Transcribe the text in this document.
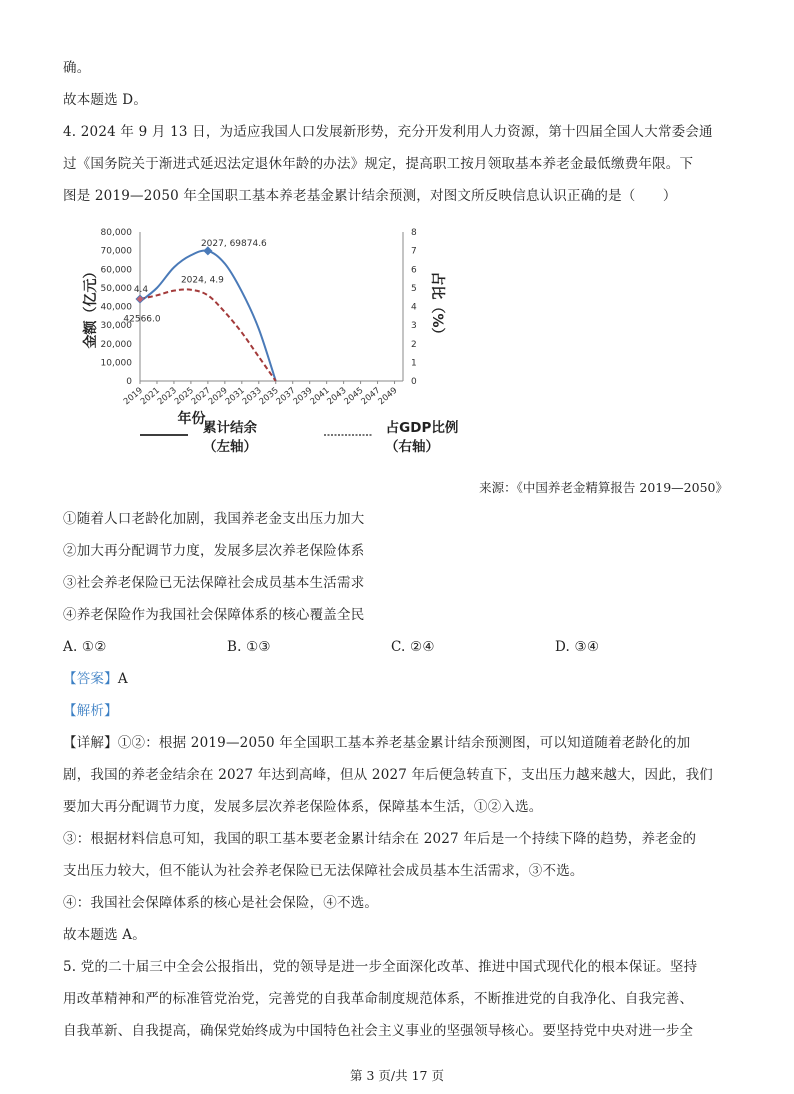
确。
故本题选 D。
4. 2024 年 9 月 13 日，为适应我国人口发展新形势，充分开发利用人力资源，第十四届全国人大常委会通
过《国务院关于渐进式延迟法定退休年龄的办法》规定，提高职工按月领取基本养老金最低缴费年限。下
图是 2019—2050 年全国职工基本养老基金累计结余预测，对图文所反映信息认识正确的是（　　）
0
10,000
20,000
30,000
40,000
50,000
60,000
70,000
80,000
0
1
2
3
4
5
6
7
8
2019
2021
2023
2025
2027
2029
2031
2033
2035
2037
2039
2041
2043
2045
2047
2049
2027, 69874.6
2024, 4.9
4.4
42566.0
金额（亿元）	占比（%）
年份
累计结余
（左轴）
占GDP比例
（右轴）
来源：《中国养老金精算报告 2019—2050》
①随着人口老龄化加剧，我国养老金支出压力加大
②加大再分配调节力度，发展多层次养老保险体系
③社会养老保险已无法保障社会成员基本生活需求
④养老保险作为我国社会保障体系的核心覆盖全民
A. ①②	B. ①③	C. ②④	D. ③④
【答案】A
【解析】
【详解】①②：根据 2019—2050 年全国职工基本养老基金累计结余预测图，可以知道随着老龄化的加
剧，我国的养老金结余在 2027 年达到高峰，但从 2027 年后便急转直下，支出压力越来越大，因此，我们
要加大再分配调节力度，发展多层次养老保险体系，保障基本生活，①②入选。
③：根据材料信息可知，我国的职工基本要老金累计结余在 2027 年后是一个持续下降的趋势，养老金的
支出压力较大，但不能认为社会养老保险已无法保障社会成员基本生活需求，③不选。
④：我国社会保障体系的核心是社会保险，④不选。
故本题选 A。
5. 党的二十届三中全会公报指出，党的领导是进一步全面深化改革、推进中国式现代化的根本保证。坚持
用改革精神和严的标准管党治党，完善党的自我革命制度规范体系，不断推进党的自我净化、自我完善、
自我革新、自我提高，确保党始终成为中国特色社会主义事业的坚强领导核心。要坚持党中央对进一步全
第 3 页/共 17 页
